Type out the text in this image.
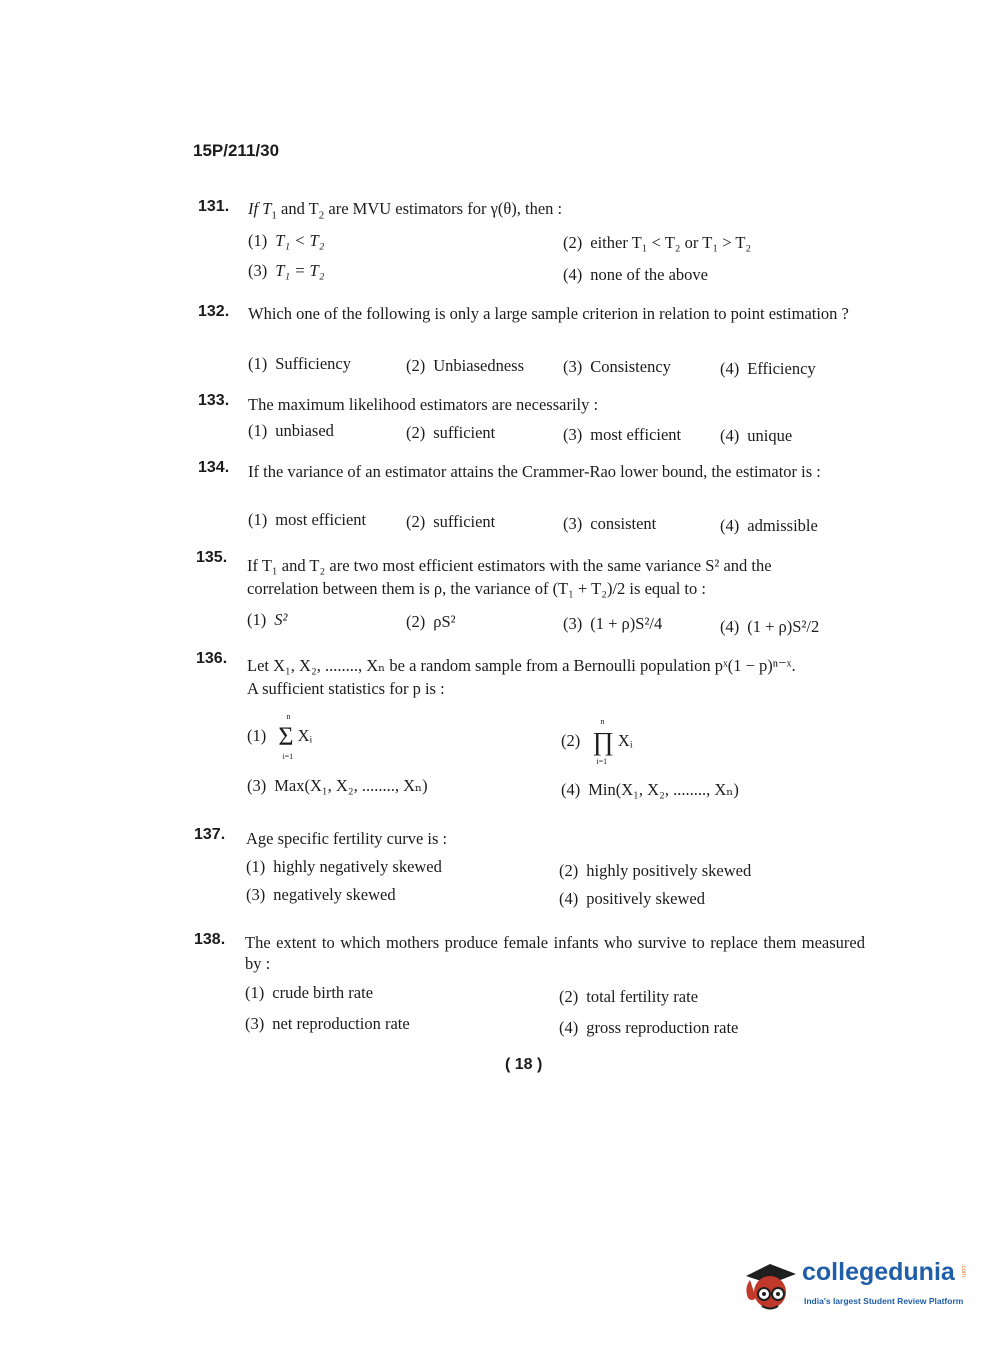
15P/211/30
131. If $T_1$ and $T_2$ are MVU estimators for γ(θ), then :
(1) T₁ < T₂	(2) either T₁ < T₂ or T₁ > T₂
(3) T₁ = T₂	(4) none of the above
132. Which one of the following is only a large sample criterion in relation to point estimation ?
(1) Sufficiency	(2) Unbiasedness (3) Consistency	(4) Efficiency
133. The maximum likelihood estimators are necessarily :
(1) unbiased	(2) sufficient	(3) most efficient (4) unique
134. If the variance of an estimator attains the Crammer-Rao lower bound, the estimator is :
(1) most efficient (2) sufficient	(3) consistent	(4) admissible
135. If T₁ and T₂ are two most efficient estimators with the same variance S² and the
correlation between them is ρ, the variance of (T₁ + T₂)/2 is equal to :
(1) S²	(2) ρS²	(3) (1 + ρ)S²/4	(4) (1 + ρ)S²/2
136. Let X₁, X₂, ........, Xₙ be a random sample from a Bernoulli population pˣ(1 − p)ⁿ⁻ˣ.
A sufficient statistics for p is :
(1)
n
Σ
i=1
Xᵢ	(2)
n
∏
i=1
Xᵢ
(3) Max(X₁, X₂, ........, Xₙ)	(4) Min(X₁, X₂, ........, Xₙ)
137. Age specific fertility curve is :
(1) highly negatively skewed	(2) highly positively skewed
(3) negatively skewed	(4) positively skewed
138. The extent to which mothers produce female infants who survive to replace them measured by :
(1) crude birth rate	(2) total fertility rate
(3) net reproduction rate	(4) gross reproduction rate
( 18 )
collegedunia .com
India's largest Student Review Platform
